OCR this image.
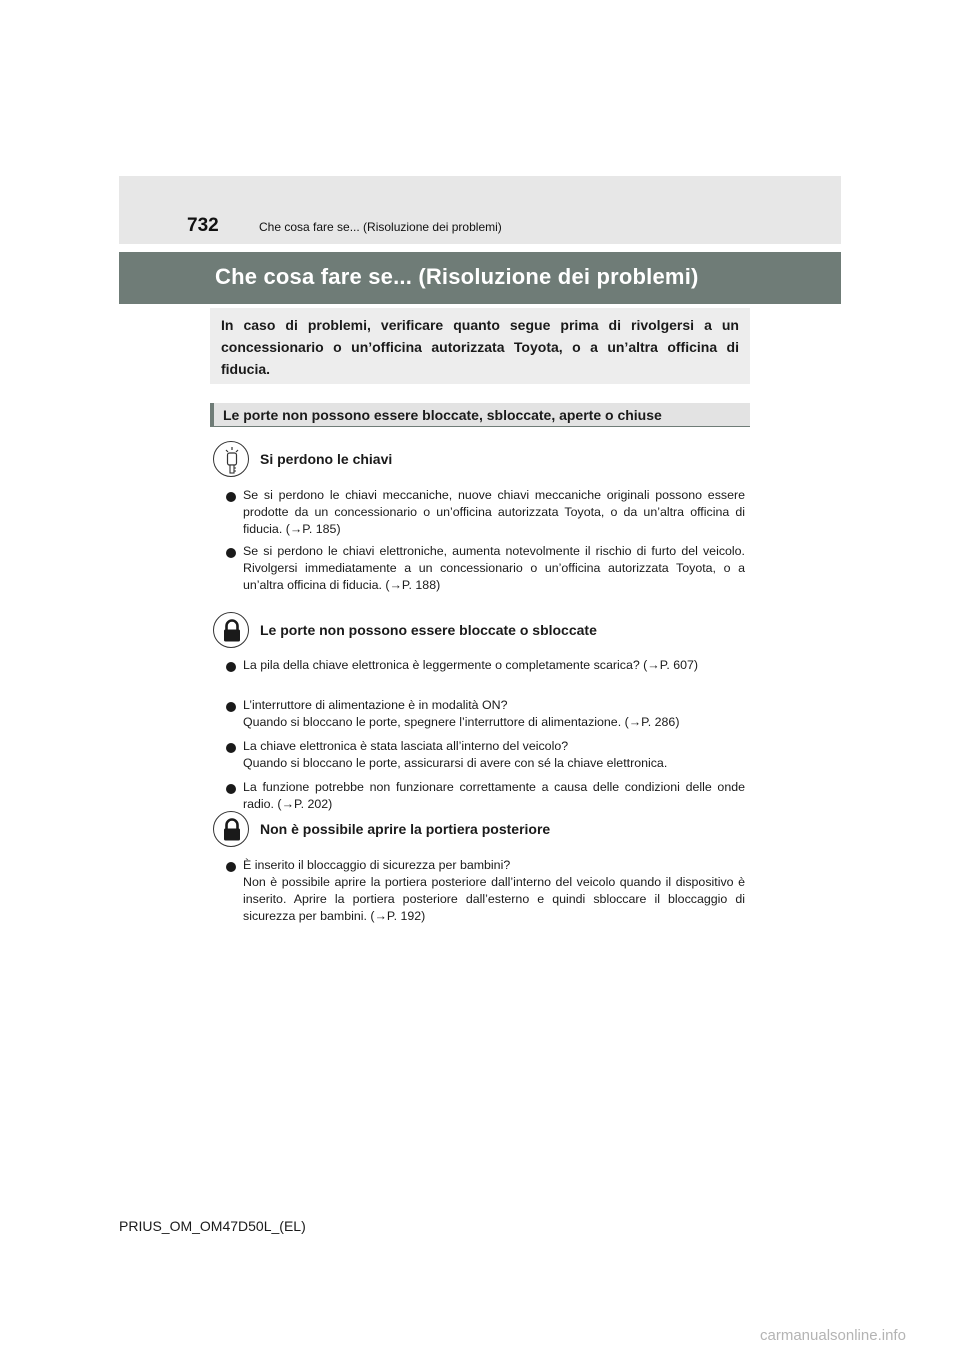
732	Che cosa fare se... (Risoluzione dei problemi)
Che cosa fare se... (Risoluzione dei problemi)
In caso di problemi, verificare quanto segue prima di rivolgersi a un concessionario o un’officina autorizzata Toyota, o a un’altra officina di fiducia.
Le porte non possono essere bloccate, sbloccate, aperte o chiuse
Si perdono le chiavi
Se si perdono le chiavi meccaniche, nuove chiavi meccaniche originali possono essere prodotte da un concessionario o un’officina autorizzata Toyota, o da un’altra officina di fiducia. (→P. 185)
Se si perdono le chiavi elettroniche, aumenta notevolmente il rischio di furto del veicolo. Rivolgersi immediatamente a un concessionario o un’officina autorizzata Toyota, o a un’altra officina di fiducia. (→P. 188)
Le porte non possono essere bloccate o sbloccate
La pila della chiave elettronica è leggermente o completamente scarica? (→P. 607)
L’interruttore di alimentazione è in modalità ON?
Quando si bloccano le porte, spegnere l’interruttore di alimentazione. (→P. 286)
La chiave elettronica è stata lasciata all’interno del veicolo?
Quando si bloccano le porte, assicurarsi di avere con sé la chiave elettronica.
La funzione potrebbe non funzionare correttamente a causa delle condizioni delle onde radio. (→P. 202)
Non è possibile aprire la portiera posteriore
È inserito il bloccaggio di sicurezza per bambini?
Non è possibile aprire la portiera posteriore dall’interno del veicolo quando il dispositivo è inserito. Aprire la portiera posteriore dall’esterno e quindi sbloccare il bloccaggio di sicurezza per bambini. (→P. 192)
PRIUS_OM_OM47D50L_(EL)
carmanualsonline.info
